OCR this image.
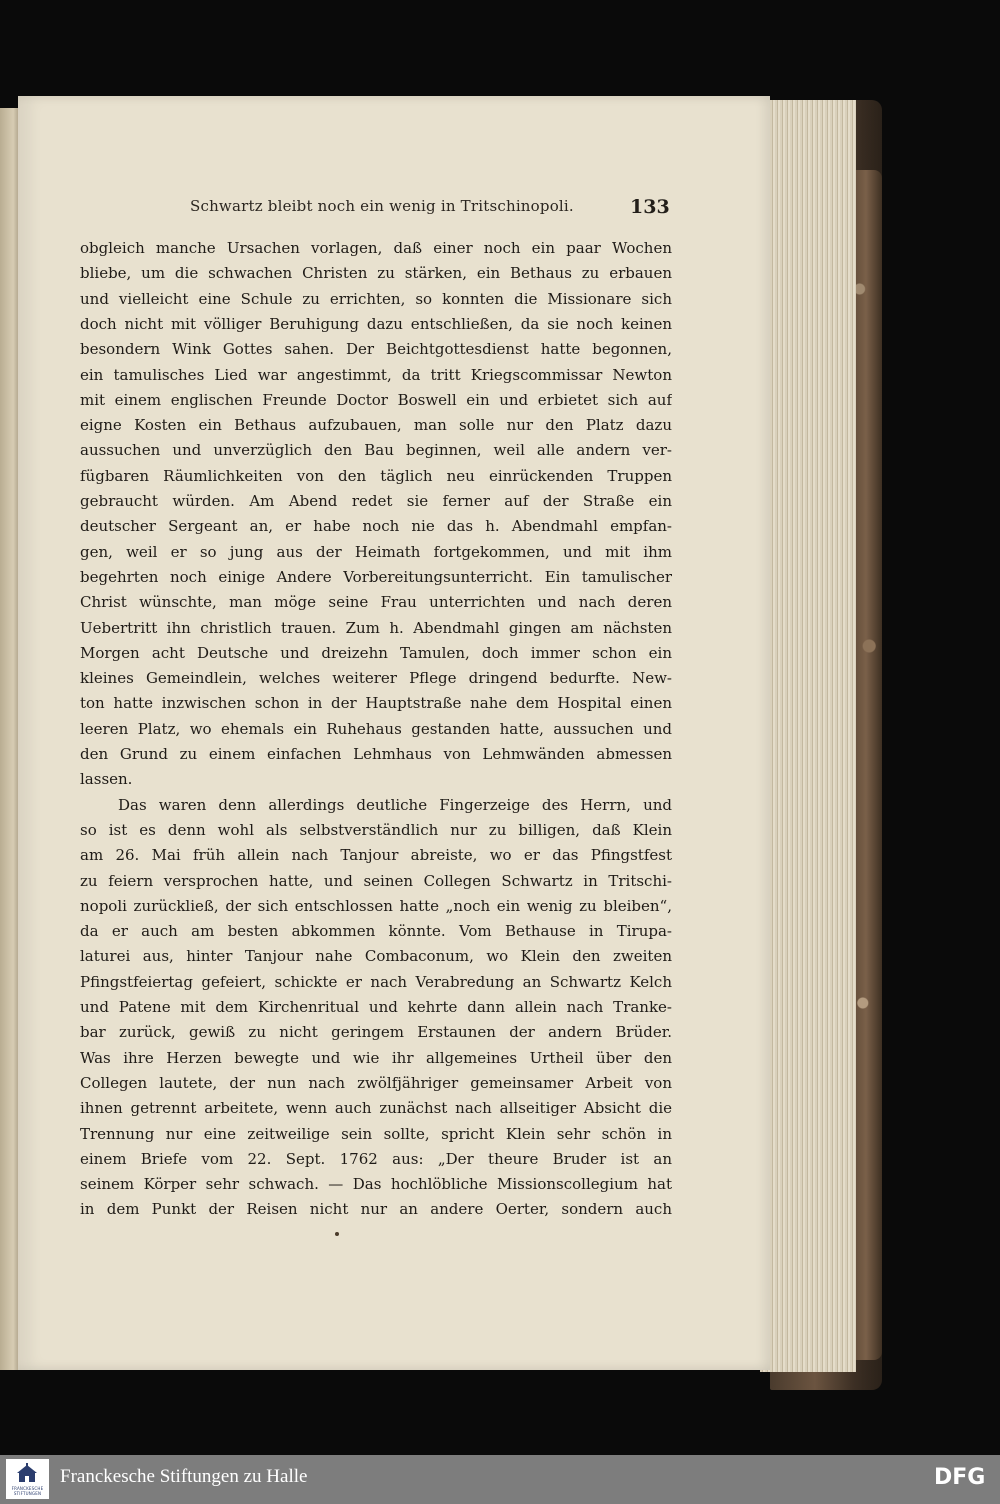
Schwartz bleibt noch ein wenig in Tritschinopoli.	133
obgleich manche Ursachen vorlagen, daß einer noch ein paar Wochen
bliebe, um die schwachen Christen zu stärken, ein Bethaus zu erbauen
und vielleicht eine Schule zu errichten, so konnten die Missionare sich
doch nicht mit völliger Beruhigung dazu entschließen, da sie noch keinen
besondern Wink Gottes sahen. Der Beichtgottesdienst hatte begonnen,
ein tamulisches Lied war angestimmt, da tritt Kriegscommissar Newton
mit einem englischen Freunde Doctor Boswell ein und erbietet sich auf
eigne Kosten ein Bethaus aufzubauen, man solle nur den Platz dazu
aussuchen und unverzüglich den Bau beginnen, weil alle andern ver-
fügbaren Räumlichkeiten von den täglich neu einrückenden Truppen
gebraucht würden. Am Abend redet sie ferner auf der Straße ein
deutscher Sergeant an, er habe noch nie das h. Abendmahl empfan-
gen, weil er so jung aus der Heimath fortgekommen, und mit ihm
begehrten noch einige Andere Vorbereitungsunterricht. Ein tamulischer
Christ wünschte, man möge seine Frau unterrichten und nach deren
Uebertritt ihn christlich trauen. Zum h. Abendmahl gingen am nächsten
Morgen acht Deutsche und dreizehn Tamulen, doch immer schon ein
kleines Gemeindlein, welches weiterer Pflege dringend bedurfte. New-
ton hatte inzwischen schon in der Hauptstraße nahe dem Hospital einen
leeren Platz, wo ehemals ein Ruhehaus gestanden hatte, aussuchen und
den Grund zu einem einfachen Lehmhaus von Lehmwänden abmessen
lassen.
Das waren denn allerdings deutliche Fingerzeige des Herrn, und
so ist es denn wohl als selbstverständlich nur zu billigen, daß Klein
am 26. Mai früh allein nach Tanjour abreiste, wo er das Pfingstfest
zu feiern versprochen hatte, und seinen Collegen Schwartz in Tritschi-
nopoli zurückließ, der sich entschlossen hatte „noch ein wenig zu bleiben“,
da er auch am besten abkommen könnte. Vom Bethause in Tirupa-
laturei aus, hinter Tanjour nahe Combaconum, wo Klein den zweiten
Pfingstfeiertag gefeiert, schickte er nach Verabredung an Schwartz Kelch
und Patene mit dem Kirchenritual und kehrte dann allein nach Tranke-
bar zurück, gewiß zu nicht geringem Erstaunen der andern Brüder.
Was ihre Herzen bewegte und wie ihr allgemeines Urtheil über den
Collegen lautete, der nun nach zwölfjähriger gemeinsamer Arbeit von
ihnen getrennt arbeitete, wenn auch zunächst nach allseitiger Absicht die
Trennung nur eine zeitweilige sein sollte, spricht Klein sehr schön in
einem Briefe vom 22. Sept. 1762 aus: „Der theure Bruder ist an
seinem Körper sehr schwach. — Das hochlöbliche Missionscollegium hat
in dem Punkt der Reisen nicht nur an andere Oerter, sondern auch
FRANCKESCHE STIFTUNGEN
Franckesche Stiftungen zu Halle	DFG
